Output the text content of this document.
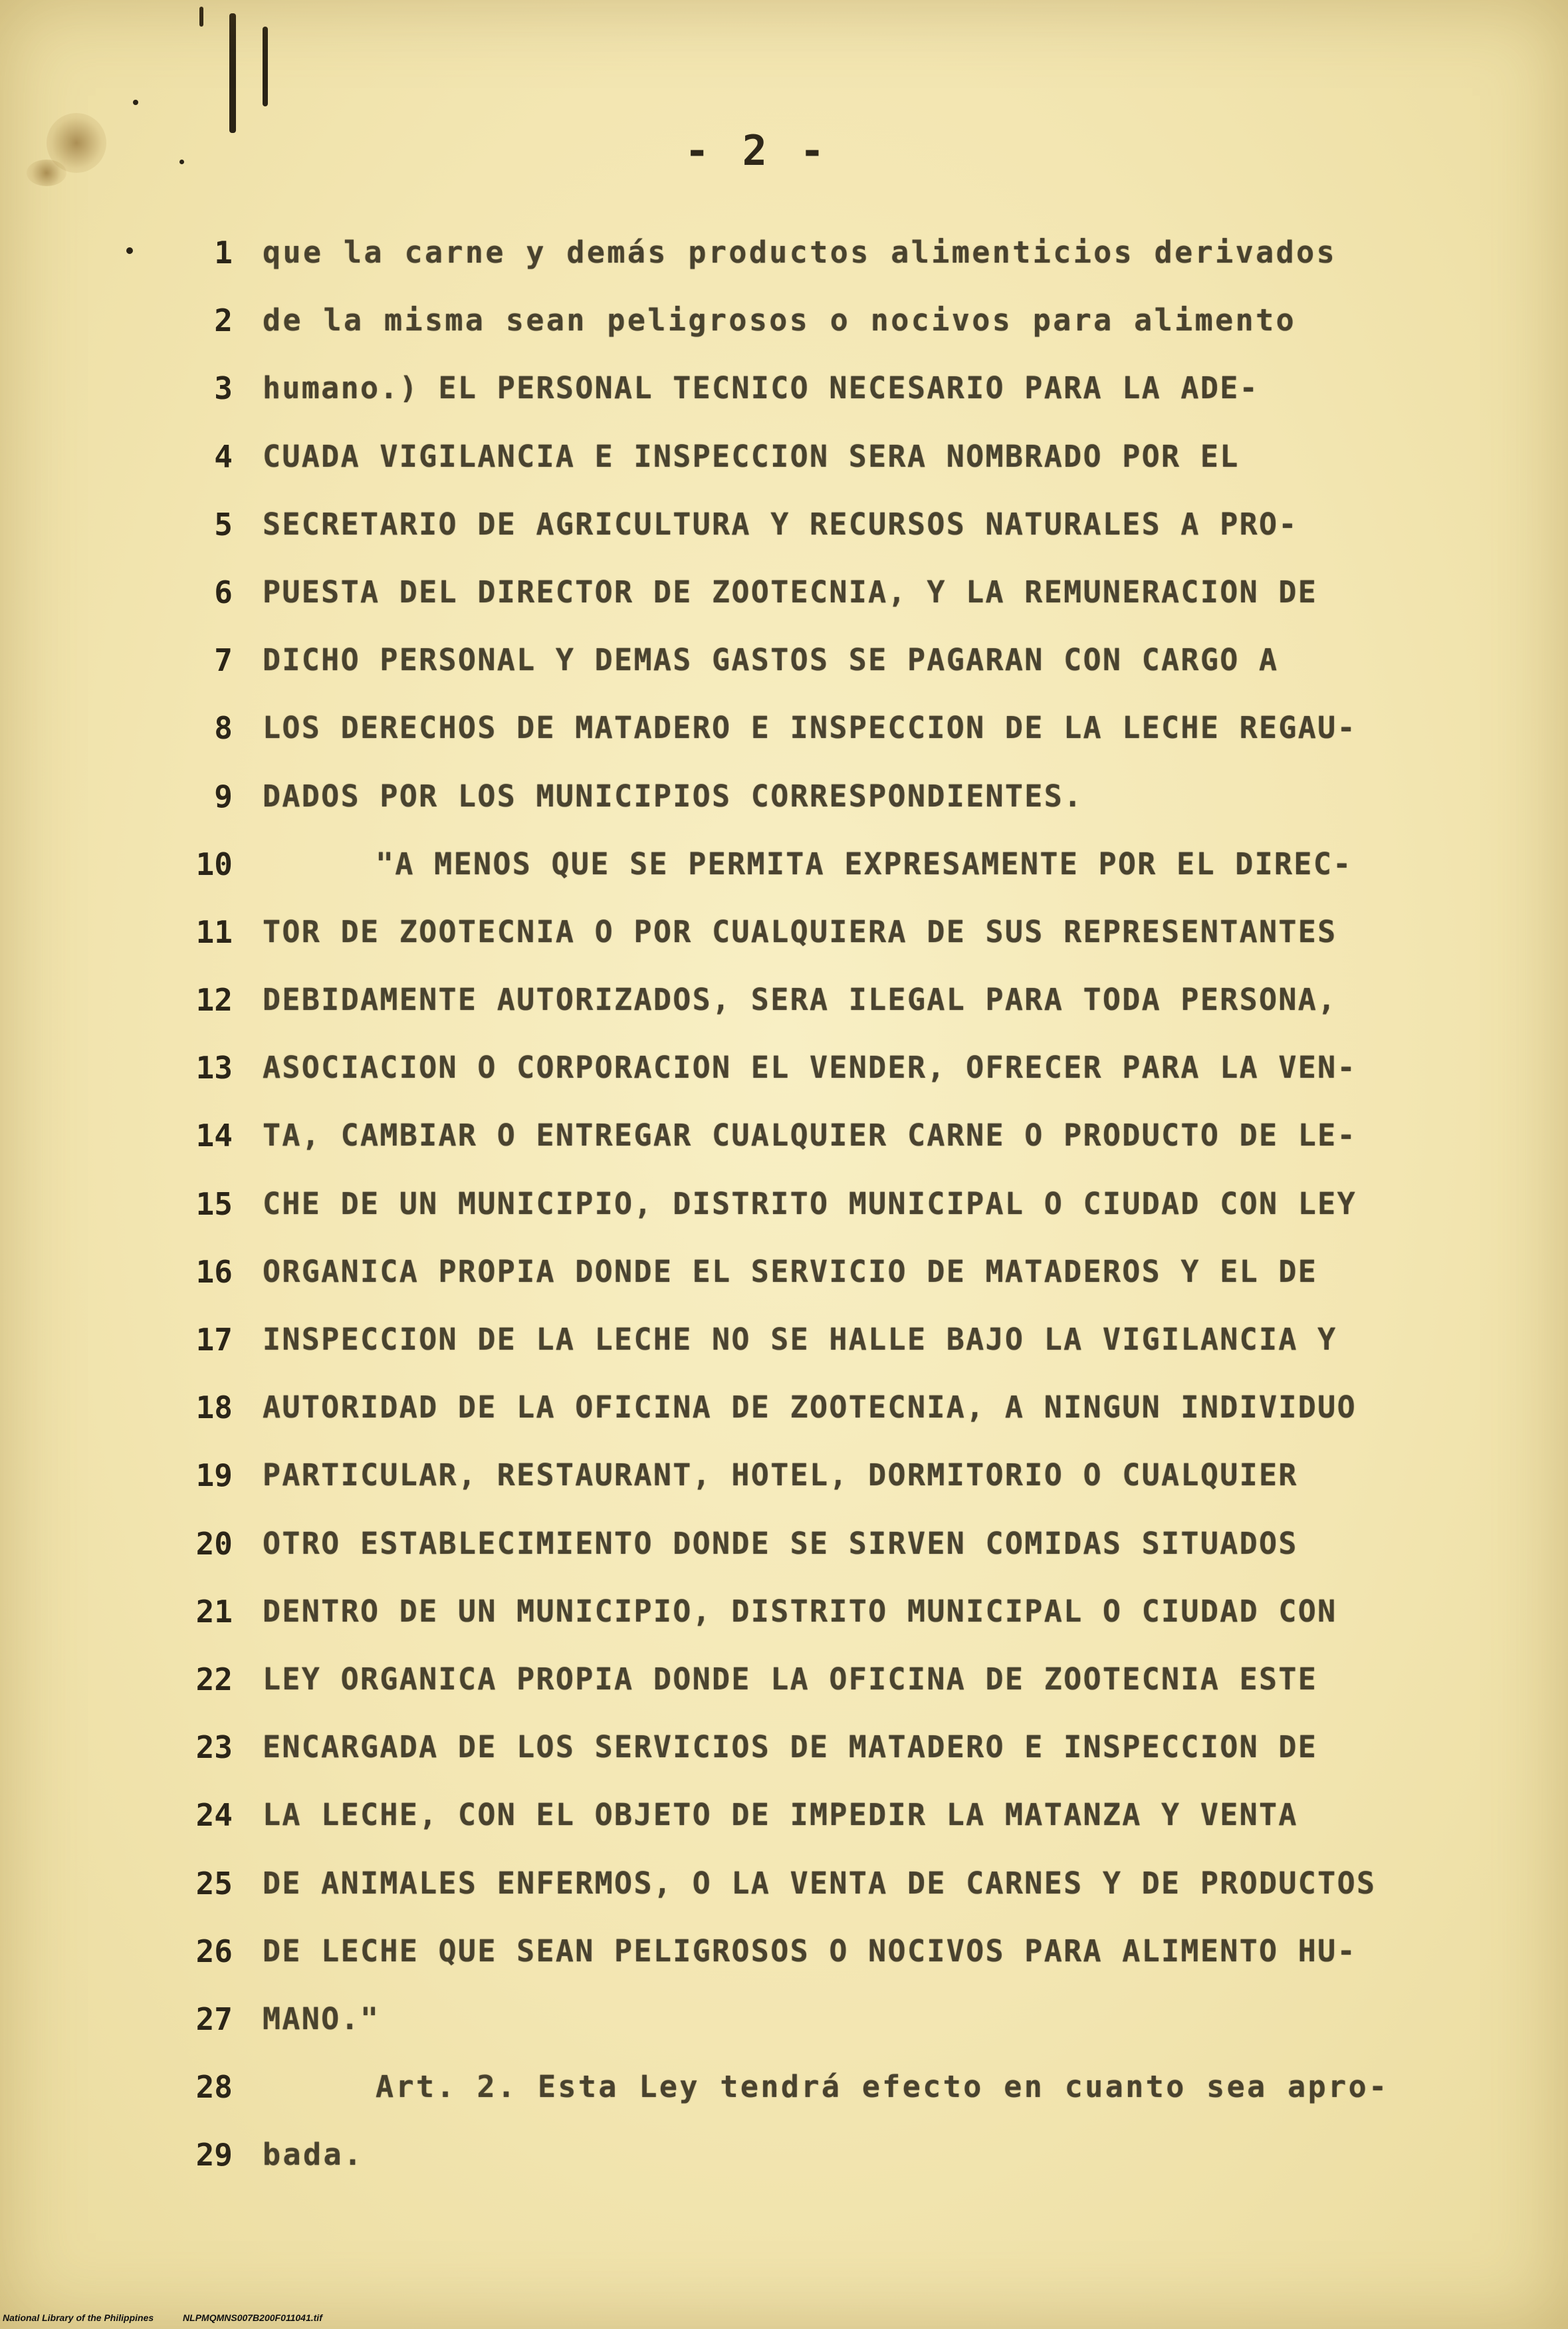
- 2 -
1 que la carne y demás productos alimenticios derivados
2 de la misma sean peligrosos o nocivos para alimento
3 humano.) EL PERSONAL TECNICO NECESARIO PARA LA ADE-
4 CUADA VIGILANCIA E INSPECCION SERA NOMBRADO POR EL
5 SECRETARIO DE AGRICULTURA Y RECURSOS NATURALES A PRO-
6 PUESTA DEL DIRECTOR DE ZOOTECNIA, Y LA REMUNERACION DE
7 DICHO PERSONAL Y DEMAS GASTOS SE PAGARAN CON CARGO A
8 LOS DERECHOS DE MATADERO E INSPECCION DE LA LECHE REGAU-
9 DADOS POR LOS MUNICIPIOS CORRESPONDIENTES.
10	"A MENOS QUE SE PERMITA EXPRESAMENTE POR EL DIREC-
11 TOR DE ZOOTECNIA O POR CUALQUIERA DE SUS REPRESENTANTES
12 DEBIDAMENTE AUTORIZADOS, SERA ILEGAL PARA TODA PERSONA,
13 ASOCIACION O CORPORACION EL VENDER, OFRECER PARA LA VEN-
14 TA, CAMBIAR O ENTREGAR CUALQUIER CARNE O PRODUCTO DE LE-
15 CHE DE UN MUNICIPIO, DISTRITO MUNICIPAL O CIUDAD CON LEY
16 ORGANICA PROPIA DONDE EL SERVICIO DE MATADEROS Y EL DE
17 INSPECCION DE LA LECHE NO SE HALLE BAJO LA VIGILANCIA Y
18 AUTORIDAD DE LA OFICINA DE ZOOTECNIA, A NINGUN INDIVIDUO
19 PARTICULAR, RESTAURANT, HOTEL, DORMITORIO O CUALQUIER
20 OTRO ESTABLECIMIENTO DONDE SE SIRVEN COMIDAS SITUADOS
21 DENTRO DE UN MUNICIPIO, DISTRITO MUNICIPAL O CIUDAD CON
22 LEY ORGANICA PROPIA DONDE LA OFICINA DE ZOOTECNIA ESTE
23 ENCARGADA DE LOS SERVICIOS DE MATADERO E INSPECCION DE
24 LA LECHE, CON EL OBJETO DE IMPEDIR LA MATANZA Y VENTA
25 DE ANIMALES ENFERMOS, O LA VENTA DE CARNES Y DE PRODUCTOS
26 DE LECHE QUE SEAN PELIGROSOS O NOCIVOS PARA ALIMENTO HU-
27 MANO."
28	Art. 2. Esta Ley tendrá efecto en cuanto sea apro-
29 bada.
National Library of the Philippines	NLPMQMNS007B200F011041.tif
